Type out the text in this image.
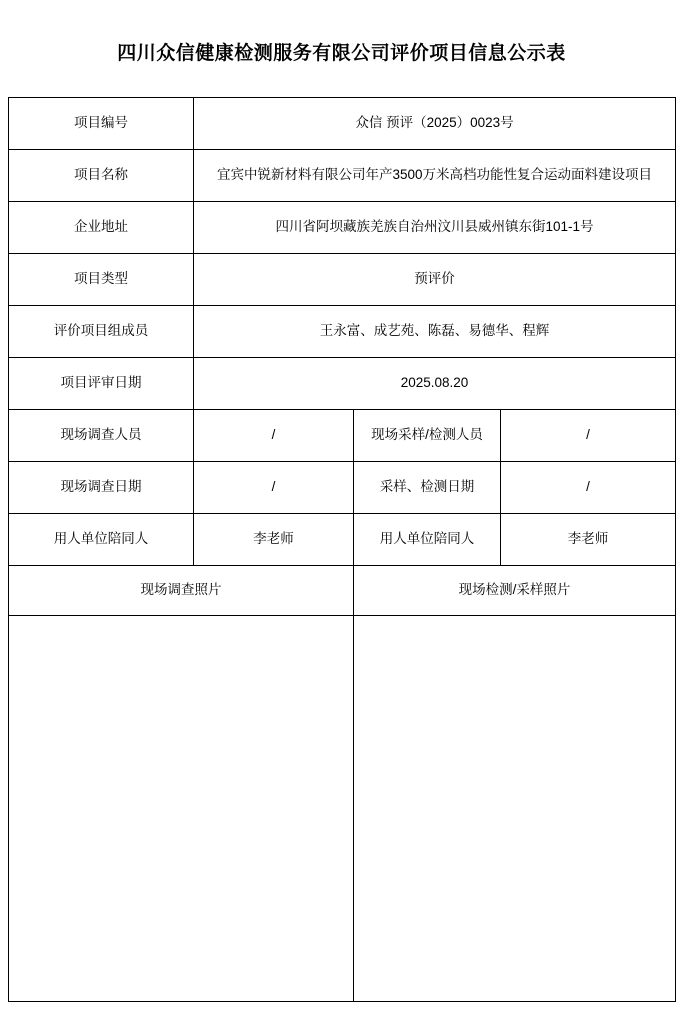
四川众信健康检测服务有限公司评价项目信息公示表
项目编号	众信 预评（2025）0023号		
项目名称	宜宾中锐新材料有限公司年产3500万米高档功能性复合运动面料建设项目		
企业地址	四川省阿坝藏族羌族自治州汶川县威州镇东街101-1号		
项目类型	预评价		
评价项目组成员	王永富、成艺苑、陈磊、易德华、程辉		
项目评审日期	2025.08.20		
现场调查人员	/	现场采样/检测人员	/
现场调查日期	/	采样、检测日期	/
用人单位陪同人	李老师	用人单位陪同人	李老师
现场调查照片		现场检测/采样照片	
